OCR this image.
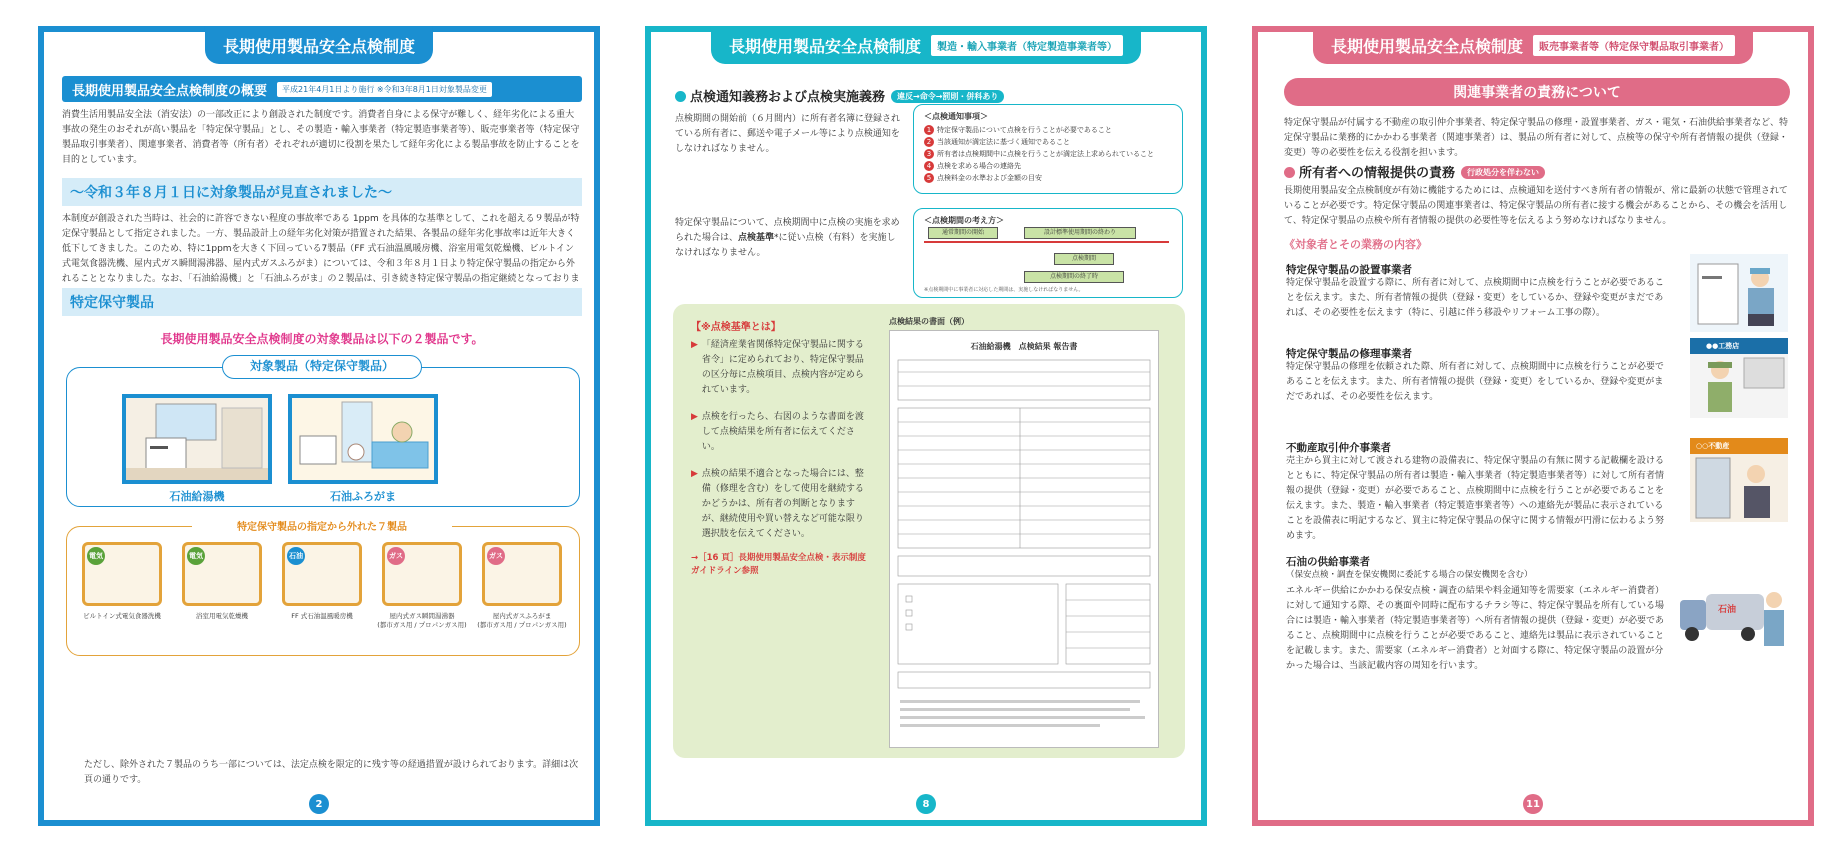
長期使用製品安全点検制度
長期使用製品安全点検制度の概要	平成21年4月1日より施行 ※令和3年8月1日対象製品変更
消費生活用製品安全法（消安法）の一部改正により創設された制度です。消費者自身による保守が難しく、経年劣化による重大事故の発生のおそれが高い製品を「特定保守製品」とし、その製造・輸入事業者（特定製造事業者等）、販売事業者等（特定保守製品取引事業者）、関連事業者、消費者等（所有者）それぞれが適切に役割を果たして経年劣化による製品事故を防止することを目的としています。
〜令和３年８月１日に対象製品が見直されました〜
本制度が創設された当時は、社会的に許容できない程度の事故率である 1ppm を具体的な基準として、これを超える９製品が特定保守製品として指定されました。一方、製品設計上の経年劣化対策が措置された結果、各製品の経年劣化事故率は近年大きく低下してきました。このため、特に1ppmを大きく下回っている7製品（FF 式石油温風暖房機、浴室用電気乾燥機、ビルトイン式電気食器洗機、屋内式ガス瞬間湯沸器、屋内式ガスふろがま）については、令和３年８月１日より特定保守製品の指定から外れることとなりました。なお、「石油給湯機」と「石油ふろがま」の２製品は、引き続き特定保守製品の指定継続となっておりま
特定保守製品
長期使用製品安全点検制度の対象製品は以下の２製品です。
対象製品（特定保守製品）
石油給湯機	石油ふろがま
特定保守製品の指定から外れた７製品
電気
ビルトイン式電気食器洗機
電気
浴室用電気乾燥機
石油
FF 式石油温風暖房機
ガス
屋内式ガス瞬間湯沸器
(都市ガス用 / プロパンガス用)
ガス
屋内式ガスふろがま
(都市ガス用 / プロパンガス用)
ただし、除外された７製品のうち一部については、法定点検を限定的に残す等の経過措置が設けられております。詳細は次頁の通りです。
2
長期使用製品安全点検制度	製造・輸入事業者（特定製造事業者等）
点検通知義務および点検実施義務 違反→命令→罰則・併科あり
点検期間の開始前（６月間内）に所有者名簿に登録されている所有者に、郵送や電子メール等により点検通知をしなければなりません。
＜点検通知事項＞
1 特定保守製品について点検を行うことが必要であること
2 当該通知が満定法に基づく通知であること
3 所有者は点検期間中に点検を行うことが満定法上求められていること
4 点検を求める場合の連絡先
5 点検料金の水準および金額の目安
特定保守製品について、点検期間中に点検の実施を求められた場合は、点検基準*に従い点検（有料）を実施しなければなりません。
＜点検期間の考え方＞
通常期間の開始	設計標準使用期間の終わり
点検期間
点検期間の終了時
※点検期間中に事業者に対応した期間は、実施しなければなりません。
【※点検基準とは】
▶ 「経済産業省関係特定保守製品に関する省令」に定められており、特定保守製品の区分毎に点検項目、点検内容が定められています。
▶ 点検を行ったら、右図のような書面を渡して点検結果を所有者に伝えてください。
▶ 点検の結果不適合となった場合には、整備（修理を含む）をして使用を継続するかどうかは、所有者の判断となりますが、継続使用や買い替えなど可能な限り選択肢を伝えてください。
→［16 頁］長期使用製品安全点検・表示制度ガイドライン参照
点検結果の書面（例）
石油給湯機　点検結果 報告書
8
長期使用製品安全点検制度	販売事業者等（特定保守製品取引事業者）
関連事業者の責務について
特定保守製品が付属する不動産の取引仲介事業者、特定保守製品の修理・設置事業者、ガス・電気・石油供給事業者など、特定保守製品に業務的にかかわる事業者（関連事業者）は、製品の所有者に対して、点検等の保守や所有者情報の提供（登録・変更）等の必要性を伝える役割を担います。
所有者への情報提供の責務 行政処分を伴わない
長期使用製品安全点検制度が有効に機能するためには、点検通知を送付すべき所有者の情報が、常に最新の状態で管理されていることが必要です。特定保守製品の関連事業者は、特定保守製品の所有者に接する機会があることから、その機会を活用して、特定保守製品の点検や所有者情報の提供の必要性等を伝えるよう努めなければなりません。
《対象者とその業務の内容》
特定保守製品の設置事業者
特定保守製品を設置する際に、所有者に対して、点検期間中に点検を行うことが必要であることを伝えます。また、所有者情報の提供（登録・変更）をしているか、登録や変更がまだであれば、その必要性を伝えます（特に、引越に伴う移設やリフォーム工事の際）。
特定保守製品の修理事業者
特定保守製品の修理を依頼された際、所有者に対して、点検期間中に点検を行うことが必要であることを伝えます。また、所有者情報の提供（登録・変更）をしているか、登録や変更がまだであれば、その必要性を伝えます。
●●工務店
不動産取引仲介事業者
売主から買主に対して渡される建物の設備表に、特定保守製品の有無に関する記載欄を設けるとともに、特定保守製品の所有者は製造・輸入事業者（特定製造事業者等）に対して所有者情報の提供（登録・変更）が必要であること、点検期間中に点検を行うことが必要であることを伝えます。また、製造・輸入事業者（特定製造事業者等）への連絡先が製品に表示されていることを設備表に明記するなど、買主に特定保守製品の保守に関する情報が円滑に伝わるよう努めます。
○○不動産
石油の供給事業者
（保安点検・調査を保安機関に委託する場合の保安機関を含む）
エネルギー供給にかかわる保安点検・調査の結果や料金通知等を需要家（エネルギー消費者）に対して通知する際、その裏面や同時に配布するチラシ等に、特定保守製品を所有している場合には製造・輸入事業者（特定製造事業者等）へ所有者情報の提供（登録・変更）が必要であること、点検期間中に点検を行うことが必要であること、連絡先は製品に表示されていることを記載します。また、需要家（エネルギー消費者）と対面する際に、特定保守製品の設置が分かった場合は、当該記載内容の周知を行います。
石油
11
